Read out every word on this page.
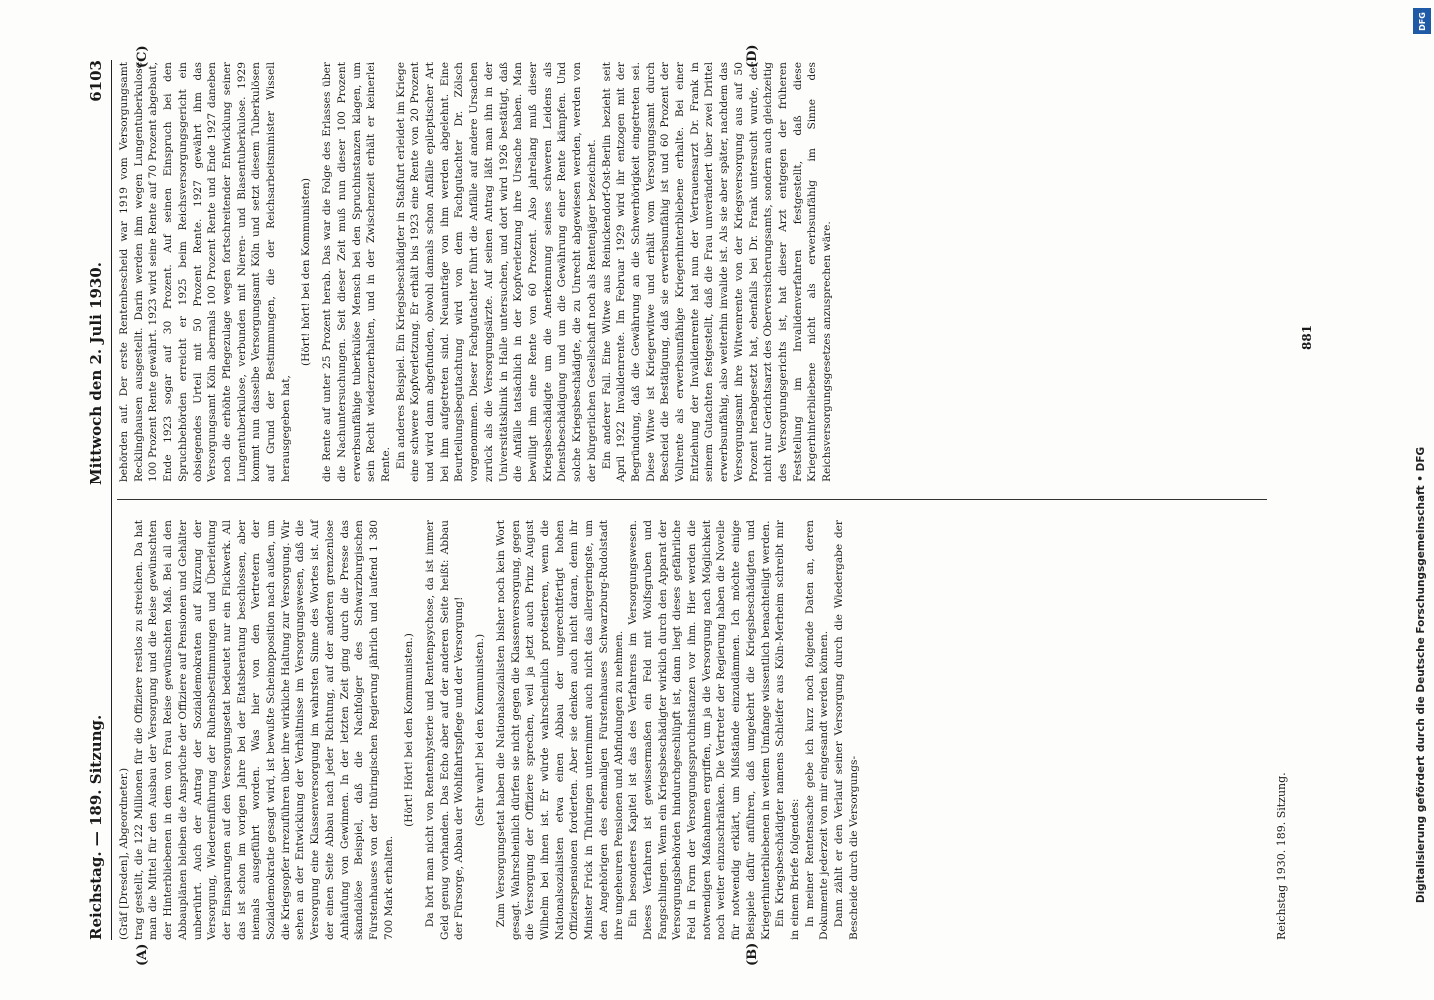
Reichstag. — 189. Sitzung.
Mittwoch den 2. Juli 1930.
6103

(Gräf [Dresden], Abgeordneter.) trag gestellt, die 122 Millionen für die Offiziere restlos zu streichen. Da hat man die Mittel für den Ausbau der Versorgung und die Reise gewünschten der Hinterbliebenen in dem von Frau Reise gewünschten Maß. Bei all den Abbauplänen bleiben die Ansprüche der Offiziere auf Pensionen und Gehälter unberührt. Auch der Antrag der Sozialdemokraten auf Kürzung der Versorgung, Wiedereinführung der Ruhensbestimmungen und Überleitung der Einsparungen auf den Versorgungsetat bedeutet nur ein Flickwerk. All das ist schon im vorigen Jahre bei der Etatsberatung beschlossen, aber niemals ausgeführt worden. Was hier von den Vertretern der Sozialdemokratie gesagt wird, ist bewußte Scheinopposition nach außen, um die Kriegsopfer irrezuführen über ihre wirkliche Haltung zur Versorgung. Wir sehen an der Entwicklung der Verhältnisse im Versorgungswesen, daß die Versorgung eine Klassenversorgung im wahrsten Sinne des Wortes ist. Auf der einen Seite Abbau nach jeder Richtung, auf der anderen grenzenlose Anhäufung von Gewinnen. In der letzten Zeit ging durch die Presse das skandalöse Beispiel, daß die Nachfolger des Schwarzburgischen Fürstenhauses von der thüringischen Regierung jährlich und laufend 1 380 700 Mark erhalten.

(Hört! Hört! bei den Kommunisten.) Da hört man nicht von Rentenhysterie und Rentenpsychose, da ist immer Geld genug vorhanden. Das Echo aber auf der anderen Seite heißt: Abbau der Fürsorge, Abbau der Wohlfahrtspflege und der Versorgung! (Sehr wahr! bei den Kommunisten.) Zum Versorgungsetat haben die Nationalsozialisten bisher noch kein Wort gesagt. Wahrscheinlich dürfen sie nicht gegen die Klassenversorgung, gegen die Versorgung der Offiziere sprechen, weil ja jetzt auch Prinz August Wilhelm bei ihnen ist. Er würde wahrscheinlich protestieren, wenn die Nationalsozialisten etwa einen Abbau der ungerechtfertigt hohen Offizierspensionen forderten. Aber sie denken auch nicht daran, denn ihr Minister Frick in Thüringen unternimmt auch nicht das allergeringste, um den Angehörigen des ehemaligen Fürstenhauses Schwarzburg-Rudolstadt ihre ungeheuren Pensionen und Abfindungen zu nehmen. Ein besonderes Kapitel ist das des Verfahrens im Versorgungswesen. Dieses Verfahren ist gewissermaßen ein Feld mit Wolfsgruben und Fangschlingen. Wenn ein Kriegsbeschädigter wirklich durch den Apparat der Versorgungsbehörden hindurchgeschlüpft ist, dann liegt dieses gefährliche Feld in Form der Versorgungsspruchinstanzen vor ihm. Hier werden die notwendigen Maßnahmen ergriffen, um ja die Versorgung nach Möglichkeit noch weiter einzuschränken. Die Vertreter der Regierung haben die Novelle für notwendig erklärt, um Mißstände einzudämmen. Ich möchte einige Beispiele dafür anführen, daß umgekehrt die Kriegsbeschädigten und Kriegerhinterbliebenen in weitem Umfange wissentlich benachteiligt werden. Ein Kriegsbeschädigter namens Schleifer aus Köln-Merheim schreibt mir in einem Briefe folgendes: In meiner Rentensache gebe ich kurz noch folgende Daten an, deren Dokumente jederzeit von mir eingesandt werden können. Dann zählt er den Verlauf seiner Versorgung durch die Wiedergabe der Bescheide durch die Versorgungs-

behörden auf. Der erste Rentenbescheid war 1919 vom Versorgungsamt Recklinghausen ausgestellt. Darin werden ihm wegen Lungentuberkulose 100 Prozent Rente gewährt. 1923 wird seine Rente auf 70 Prozent abgebaut, Ende 1923 sogar auf 30 Prozent. Auf seinen Einspruch bei den Spruchbehörden erreicht er 1925 beim Reichsversorgungsgericht ein obsiegendes Urteil mit 50 Prozent Rente. 1927 gewährt ihm das Versorgungsamt Köln abermals 100 Prozent Rente und Ende 1927 daneben noch die erhöhte Pflegezulage wegen fortschreitender Entwicklung seiner Lungentuberkulose, verbunden mit Nieren- und Blasentuberkulose. 1929 kommt nun dasselbe Versorgungsamt Köln und setzt diesem Tuberkulösen auf Grund der Bestimmungen, die der Reichsarbeitsminister Wissell herausgegeben hat,

(Hört! hört! bei den Kommunisten) die Rente auf unter 25 Prozent herab. Das war die Folge des Erlasses über die Nachuntersuchungen. Seit dieser Zeit muß nun dieser 100 Prozent erwerbsunfähige tuberkulöse Mensch bei den Spruchinstanzen klagen, um sein Recht wiederzuerhalten, und in der Zwischenzeit erhält er keinerlei Rente. Ein anderes Beispiel. Ein Kriegsbeschädigter in Staßfurt erleidet im Kriege eine schwere Kopfverletzung. Er erhält bis 1923 eine Rente von 20 Prozent und wird dann abgefunden, obwohl damals schon Anfälle epileptischer Art bei ihm aufgetreten sind. Neuanträge von ihm werden abgelehnt. Eine Beurteilungsbegutachtung wird von dem Fachgutachter Dr. Zölsch vorgenommen. Dieser Fachgutachter führt die Anfälle auf andere Ursachen zurück als die Versorgungsärzte. Auf seinen Antrag läßt man ihn in der Universitätsklinik in Halle untersuchen, und dort wird 1926 bestätigt, daß die Anfälle tatsächlich in der Kopfverletzung ihre Ursache haben. Man bewilligt ihm eine Rente von 60 Prozent. Also jahrelang muß dieser Kriegsbeschädigte um die Anerkennung seines schweren Leidens als Dienstbeschädigung und um die Gewährung einer Rente kämpfen. Und solche Kriegsbeschädigte, die zu Unrecht abgewiesen werden, werden von der bürgerlichen Gesellschaft noch als Rentenjäger bezeichnet. Ein anderer Fall. Eine Witwe aus Reinickendorf-Ost-Berlin bezieht seit April 1922 Invalidenrente. Im Februar 1929 wird ihr entzogen mit der Begründung, daß die Gewährung an die Schwerhörigkeit eingetreten sei. Diese Witwe ist Kriegerwitwe und erhält vom Versorgungsamt durch Bescheid die Bestätigung, daß sie erwerbsunfähig ist und 60 Prozent der Vollrente als erwerbsunfähige Kriegerhinterbliebene erhalte. Bei einer Entziehung der Invalidenrente hat nun der Vertrauensarzt Dr. Frank in seinem Gutachten festgestellt, daß die Frau unverändert über zwei Drittel erwerbsunfähig, also weiterhin invalide ist. Als sie aber später, nachdem das Versorgungsamt ihre Witwenrente von der Kriegsversorgung aus auf 50 Prozent herabgesetzt hat, ebenfalls bei Dr. Frank untersucht wurde, der nicht nur Gerichtsarzt des Oberversicherungsamts, sondern auch gleichzeitig des Versorgungsgerichts ist, hat dieser Arzt entgegen der früheren Feststellung im Invalidenverfahren festgestellt, daß diese Kriegerhinterbliebene nicht als erwerbsunfähig im Sinne des Reichsversorgungsgesetzes anzusprechen wäre.

(A)	(B)
(C)	(D)
Reichstag 1930. 189. Sitzung.
881
Digitalisierung gefördert durch die Deutsche Forschungsgemeinschaft • DFG
DFG
